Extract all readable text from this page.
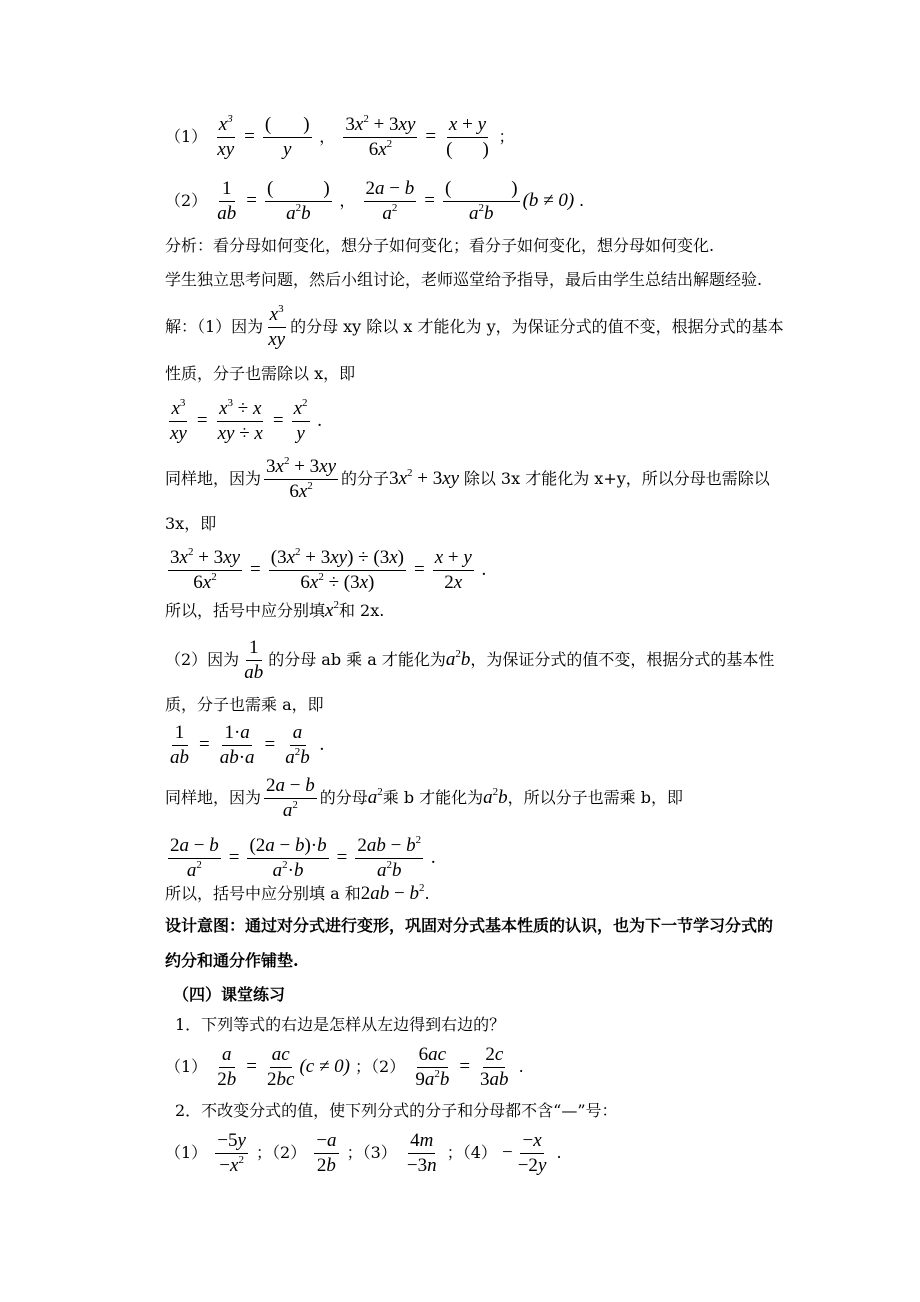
$(1) \frac{x^3}{xy} = \frac{( )}{y}$ ， $\frac{3x^2 + 3xy}{6x^2} = \frac{x + y}{( )}$ ；
$(2) \frac{1}{ab}$ = (	)
$a^2b$ ， $\frac{2a - b}{a^2}$ = (	)
$a^2b$ (b ≠ 0) .
分析：看分母如何变化，想分子如何变化；看分子如何变化，想分母如何变化.
学生独立思考问题，然后小组讨论，老师巡堂给予指导，最后由学生总结出解题经验.
解：（1）因为 $\frac{x^3}{xy}$ 的分母 xy 除以 x 才能化为 y，为保证分式的值不变，根据分式的基本
性质，分子也需除以 x，即
$\frac{x^3}{xy} = \frac{x^3 \div x}{xy \div x} = \frac{x^2}{y}$ .
同样地，因为 $\frac{3x^2 + 3xy}{6x^2}$ 的分子$3x^2 + 3xy$ 除以 3x 才能化为 x+y，所以分母也需除以
3x，即
$\frac{3x^2 + 3xy}{6x^2} = \frac{(3x^2 + 3xy) \div (3x)}{6x^2 \div (3x)} = \frac{x + y}{2x}$ .
所以，括号中应分别填$x^2$和 2x.
（2）因为 $\frac{1}{ab}$ 的分母 ab 乘 a 才能化为$a^2b$，为保证分式的值不变，根据分式的基本性
质，分子也需乘 a，即
$\frac{1}{ab} = \frac{1\cdot a}{ab\cdot a} = \frac{a}{a^2b}$ .
同样地，因为 $\frac{2a - b}{a^2}$ 的分母$a^2$乘 b 才能化为$a^2b$，所以分子也需乘 b，即
$\frac{2a - b}{a^2} = \frac{(2a - b)\cdot b}{a^2\cdot b} = \frac{2ab - b^2}{a^2b}$ .
所以，括号中应分别填 a 和$2ab - b^2$.
设计意图：通过对分式进行变形，巩固对分式基本性质的认识，也为下一节学习分式的
约分和通分作铺垫.
（四）课堂练习
1．下列等式的右边是怎样从左边得到右边的？
$(1) \frac{a}{2b} = \frac{ac}{2bc} (c \ne 0)$ ；$(2) \frac{6ac}{9a^2b} = \frac{2c}{3ab}$ .
2．不改变分式的值，使下列分式的分子和分母都不含“—”号：
$(1) \frac{-5y}{-x^2}$ ；$(2) \frac{-a}{2b}$ ；$(3) \frac{4m}{-3n}$ ；$(4) - \frac{-x}{-2y}$ .
